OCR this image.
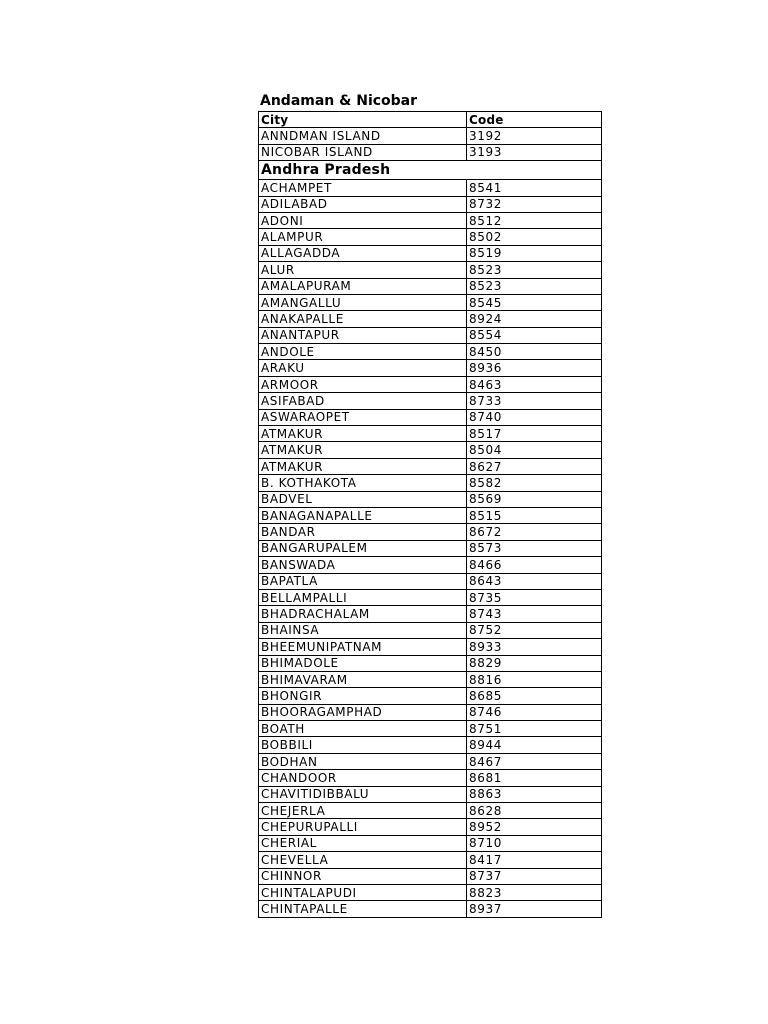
Andaman & Nicobar
City	Code
ANNDMAN ISLAND	3192
NICOBAR ISLAND	3193
Andhra Pradesh	
ACHAMPET	8541
ADILABAD	8732
ADONI	8512
ALAMPUR	8502
ALLAGADDA	8519
ALUR	8523
AMALAPURAM	8523
AMANGALLU	8545
ANAKAPALLE	8924
ANANTAPUR	8554
ANDOLE	8450
ARAKU	8936
ARMOOR	8463
ASIFABAD	8733
ASWARAOPET	8740
ATMAKUR	8517
ATMAKUR	8504
ATMAKUR	8627
B. KOTHAKOTA	8582
BADVEL	8569
BANAGANAPALLE	8515
BANDAR	8672
BANGARUPALEM	8573
BANSWADA	8466
BAPATLA	8643
BELLAMPALLI	8735
BHADRACHALAM	8743
BHAINSA	8752
BHEEMUNIPATNAM	8933
BHIMADOLE	8829
BHIMAVARAM	8816
BHONGIR	8685
BHOORAGAMPHAD	8746
BOATH	8751
BOBBILI	8944
BODHAN	8467
CHANDOOR	8681
CHAVITIDIBBALU	8863
CHEJERLA	8628
CHEPURUPALLI	8952
CHERIAL	8710
CHEVELLA	8417
CHINNOR	8737
CHINTALAPUDI	8823
CHINTAPALLE	8937
